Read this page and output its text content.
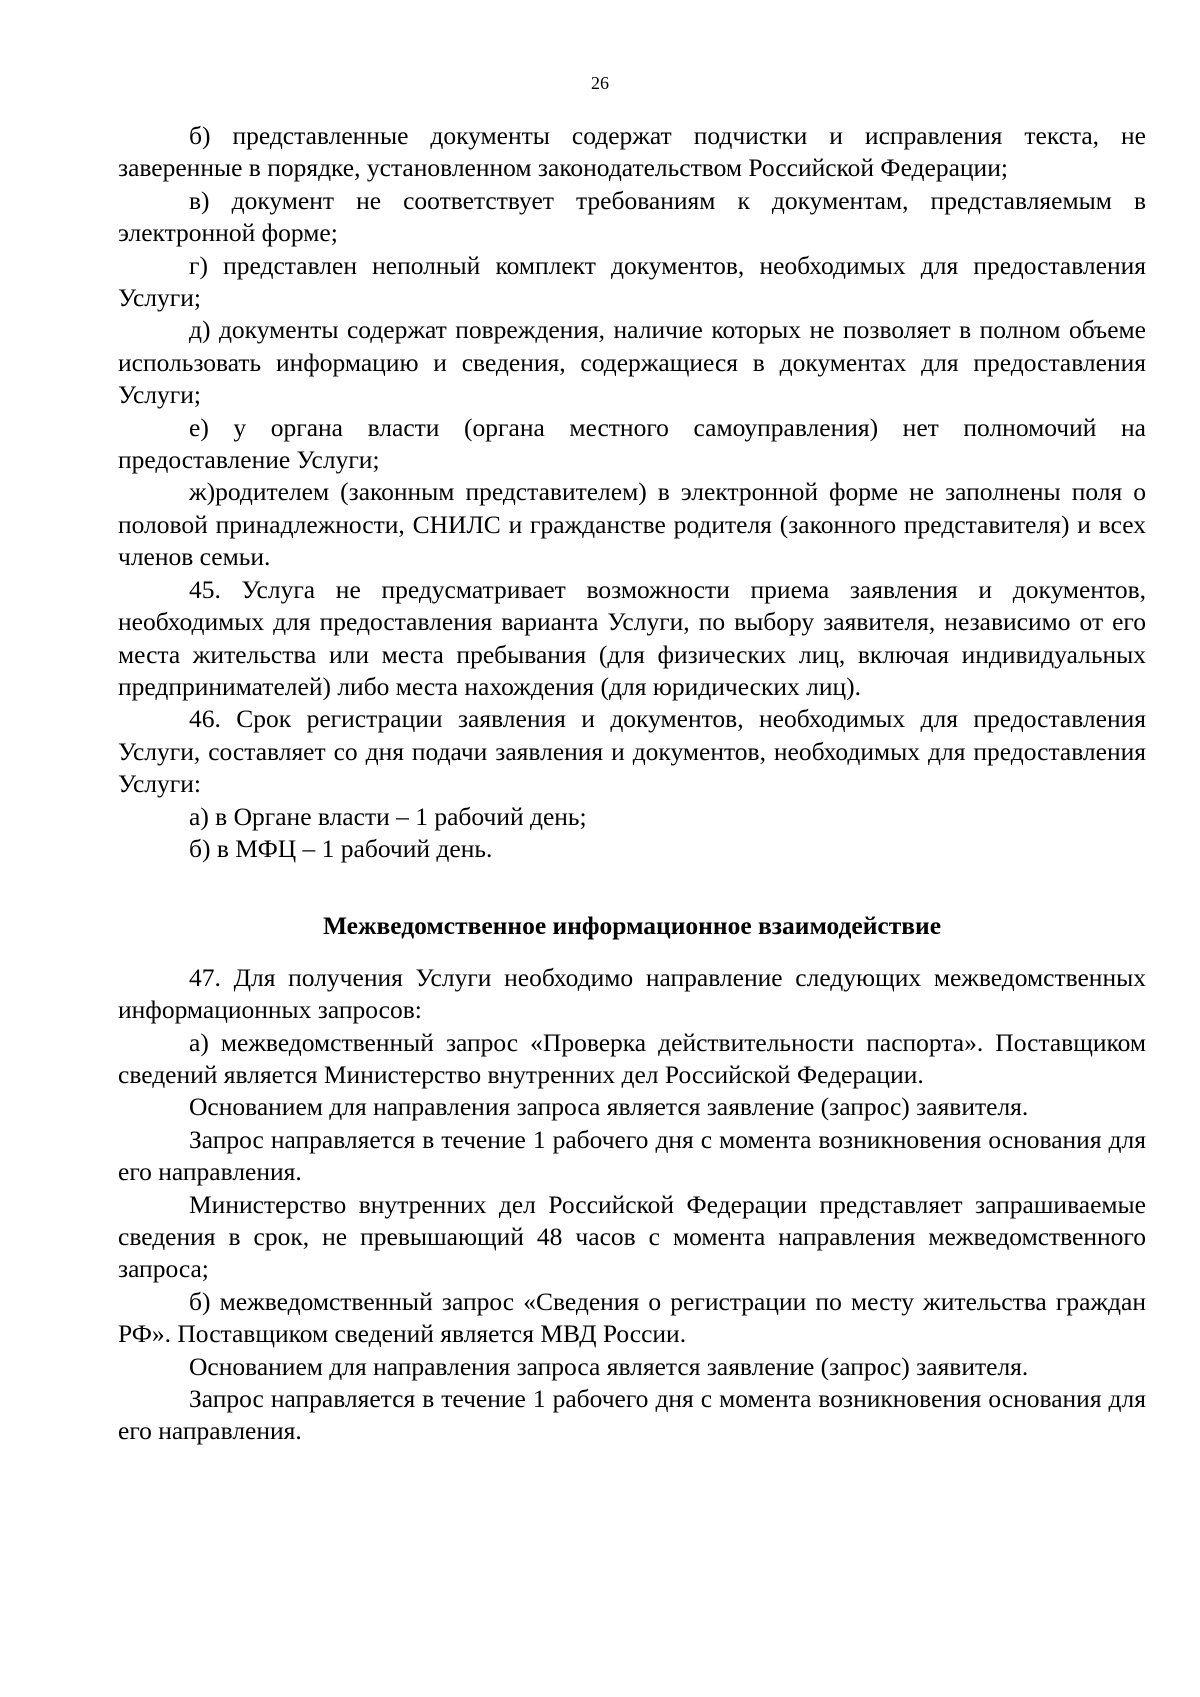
26

б) представленные документы содержат подчистки и исправления текста, не заверенные в порядке, установленном законодательством Российской Федерации;

в) документ не соответствует требованиям к документам, представляемым в электронной форме;

г) представлен неполный комплект документов, необходимых для предоставления Услуги;

д) документы содержат повреждения, наличие которых не позволяет в полном объеме использовать информацию и сведения, содержащиеся в документах для предоставления Услуги;

е) у органа власти (органа местного самоуправления) нет полномочий на предоставление Услуги;

ж)родителем (законным представителем) в электронной форме не заполнены поля о половой принадлежности, СНИЛС и гражданстве родителя (законного представителя) и всех членов семьи.

45. Услуга не предусматривает возможности приема заявления и документов, необходимых для предоставления варианта Услуги, по выбору заявителя, независимо от его места жительства или места пребывания (для физических лиц, включая индивидуальных предпринимателей) либо места нахождения (для юридических лиц).

46. Срок регистрации заявления и документов, необходимых для предоставления Услуги, составляет со дня подачи заявления и документов, необходимых для предоставления Услуги:

а) в Органе власти – 1 рабочий день;

б) в МФЦ – 1 рабочий день.

Межведомственное информационное взаимодействие

47. Для получения Услуги необходимо направление следующих межведомственных информационных запросов:

а) межведомственный запрос «Проверка действительности паспорта». Поставщиком сведений является Министерство внутренних дел Российской Федерации.

Основанием для направления запроса является заявление (запрос) заявителя.

Запрос направляется в течение 1 рабочего дня с момента возникновения основания для его направления.

Министерство внутренних дел Российской Федерации представляет запрашиваемые сведения в срок, не превышающий 48 часов с момента направления межведомственного запроса;

б) межведомственный запрос «Сведения о регистрации по месту жительства граждан РФ». Поставщиком сведений является МВД России.

Основанием для направления запроса является заявление (запрос) заявителя.

Запрос направляется в течение 1 рабочего дня с момента возникновения основания для его направления.
